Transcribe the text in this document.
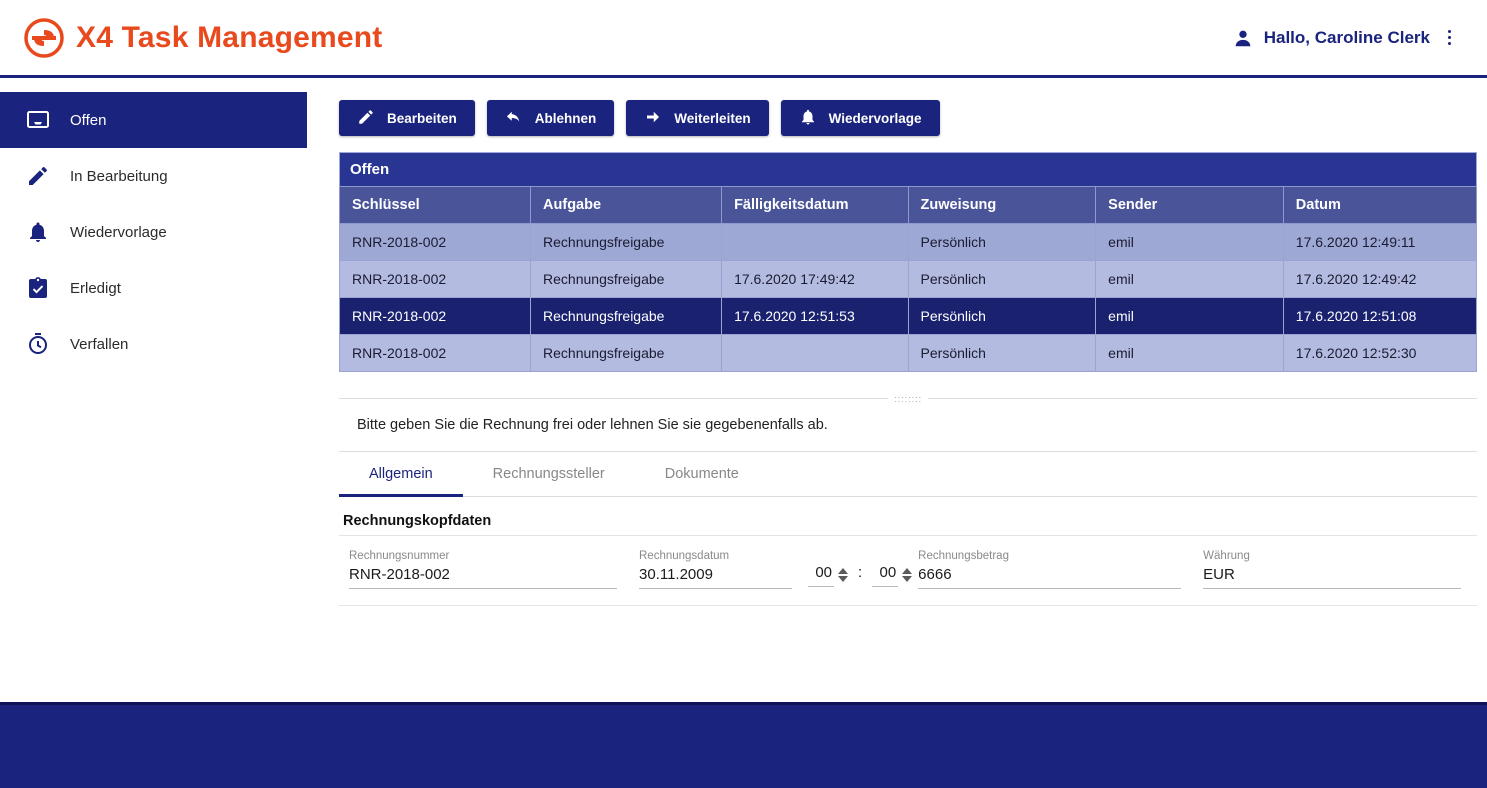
X4 Task Management	Hallo, Caroline Clerk
Offen
In Bearbeitung
Wiedervorlage
Erledigt
Verfallen
Bearbeiten	Ablehnen	Weiterleiten	Wiedervorlage
Offen
Schlüssel	Aufgabe	Fälligkeitsdatum	Zuweisung	Sender	Datum
RNR-2018-002	Rechnungsfreigabe		Persönlich	emil	17.6.2020 12:49:11
RNR-2018-002	Rechnungsfreigabe	17.6.2020 17:49:42	Persönlich	emil	17.6.2020 12:49:42
RNR-2018-002	Rechnungsfreigabe	17.6.2020 12:51:53	Persönlich	emil	17.6.2020 12:51:08
RNR-2018-002	Rechnungsfreigabe		Persönlich	emil	17.6.2020 12:52:30
::::::::
Bitte geben Sie die Rechnung frei oder lehnen Sie sie gegebenenfalls ab.
Allgemein	Rechnungssteller	Dokumente
Rechnungskopfdaten
Rechnungsnummer
RNR-2018-002	Rechnungsdatum
30.11.2009
00	:	00
Rechnungsbetrag
6666	Währung
EUR
